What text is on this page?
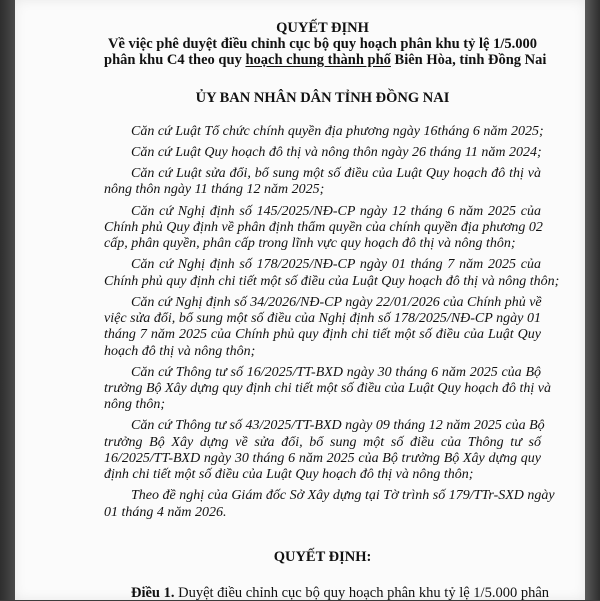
QUYẾT ĐỊNH
Về việc phê duyệt điều chỉnh cục bộ quy hoạch phân khu tỷ lệ 1/5.000
phân khu C4 theo quy hoạch chung thành phố Biên Hòa, tỉnh Đồng Nai
ỦY BAN NHÂN DÂN TỈNH ĐỒNG NAI
Căn cứ Luật Tổ chức chính quyền địa phương ngày 16tháng 6 năm 2025;
Căn cứ Luật Quy hoạch đô thị và nông thôn ngày 26 tháng 11 năm 2024;
Căn cứ Luật sửa đổi, bổ sung một số điều của Luật Quy hoạch đô thị và
nông thôn ngày 11 tháng 12 năm 2025;
Căn cứ Nghị định số 145/2025/NĐ-CP ngày 12 tháng 6 năm 2025 của
Chính phủ Quy định về phân định thẩm quyền của chính quyền địa phương 02
cấp, phân quyền, phân cấp trong lĩnh vực quy hoạch đô thị và nông thôn;
Căn cứ Nghị định số 178/2025/NĐ-CP ngày 01 tháng 7 năm 2025 của
Chính phủ quy định chi tiết một số điều của Luật Quy hoạch đô thị và nông thôn;
Căn cứ Nghị định số 34/2026/NĐ-CP ngày 22/01/2026 của Chính phủ về
việc sửa đổi, bổ sung một số điều của Nghị định số 178/2025/NĐ-CP ngày 01
tháng 7 năm 2025 của Chính phủ quy định chi tiết một số điều của Luật Quy
hoạch đô thị và nông thôn;
Căn cứ Thông tư số 16/2025/TT-BXD ngày 30 tháng 6 năm 2025 của Bộ
trưởng Bộ Xây dựng quy định chi tiết một số điều của Luật Quy hoạch đô thị và
nông thôn;
Căn cứ Thông tư số 43/2025/TT-BXD ngày 09 tháng 12 năm 2025 của Bộ
trưởng Bộ Xây dựng về sửa đổi, bổ sung một số điều của Thông tư số
16/2025/TT-BXD ngày 30 tháng 6 năm 2025 của Bộ trưởng Bộ Xây dựng quy
định chi tiết một số điều của Luật Quy hoạch đô thị và nông thôn;
Theo đề nghị của Giám đốc Sở Xây dựng tại Tờ trình số 179/TTr-SXD ngày
01 tháng 4 năm 2026.
QUYẾT ĐỊNH:
Điều 1. Duyệt điều chỉnh cục bộ quy hoạch phân khu tỷ lệ 1/5.000 phân
